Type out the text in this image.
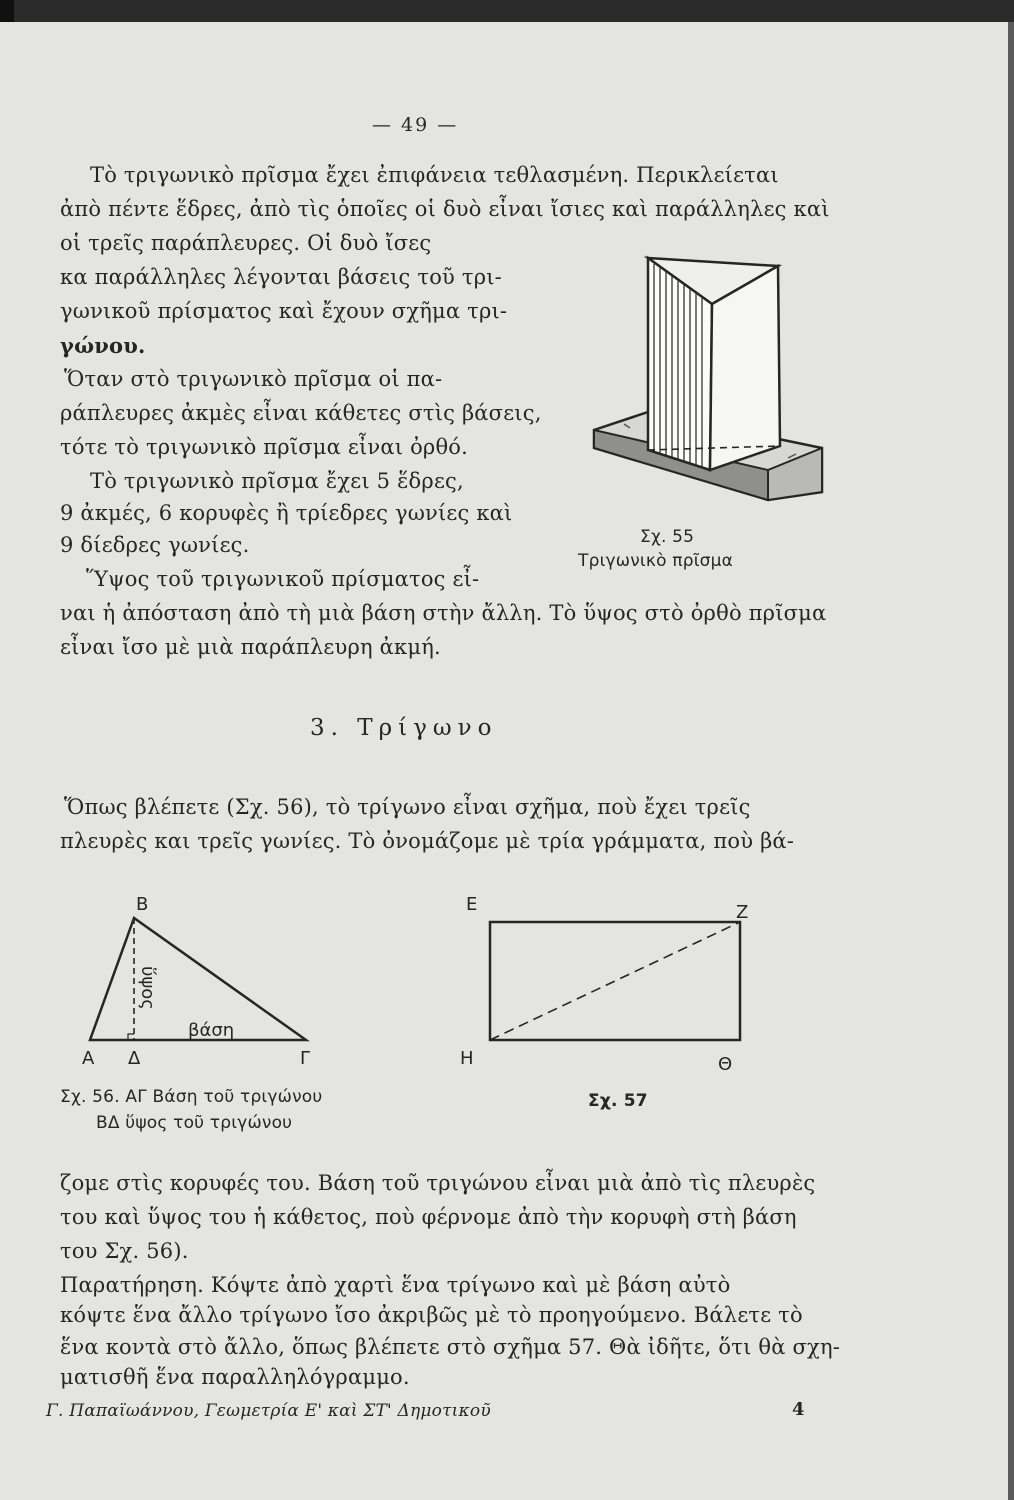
— 49 —
Τὸ τριγωνικὸ πρῖσμα ἔχει ἐπιφάνεια τεθλασμένη. Περικλείεται
ἀπὸ πέντε ἕδρες, ἀπὸ τὶς ὁποῖες οἱ δυὸ εἶναι ἴσιες καὶ παράλληλες καὶ
οἱ τρεῖς παράπλευρες. Οἱ δυὸ ἴσες
κα παράλληλες λέγονται βάσεις τοῦ τρι-
γωνικοῦ πρίσματος καὶ ἔχουν σχῆμα τρι-
γώνου.
Ὅταν στὸ τριγωνικὸ πρῖσμα οἱ πα-
ράπλευρες ἀκμὲς εἶναι κάθετες στὶς βάσεις,
τότε τὸ τριγωνικὸ πρῖσμα εἶναι ὀρθό.
Τὸ τριγωνικὸ πρῖσμα ἔχει 5 ἕδρες,
9 ἀκμές, 6 κορυφὲς ἢ τρίεδρες γωνίες καὶ
9 δίεδρες γωνίες.
Ὕψος τοῦ τριγωνικοῦ πρίσματος εἶ-
ναι ἡ ἀπόσταση ἀπὸ τὴ μιὰ βάση στὴν ἄλλη. Τὸ ὕψος στὸ ὀρθὸ πρῖσμα
εἶναι ἴσο μὲ μιὰ παράπλευρη ἀκμή.
Σχ. 55
Τριγωνικὸ πρῖσμα
3. Τρίγωνο
Ὅπως βλέπετε (Σχ. 56), τὸ τρίγωνο εἶναι σχῆμα, ποὺ ἔχει τρεῖς
πλευρὲς και τρεῖς γωνίες. Τὸ ὀνομάζομε μὲ τρία γράμματα, ποὺ βά-
Β
Α Δ	Γ
ὕψος
βάση
Σχ. 56. ΑΓ Βάση τοῦ τριγώνου
ΒΔ ὕψος τοῦ τριγώνου
Ε	Ζ
Η	Θ
Σχ. 57
ζομε στὶς κορυφές του. Βάση τοῦ τριγώνου εἶναι μιὰ ἀπὸ τὶς πλευρὲς
του καὶ ὕψος του ἡ κάθετος, ποὺ φέρνομε ἀπὸ τὴν κορυφὴ στὴ βάση
του Σχ. 56).
Παρατήρηση. Κόψτε ἀπὸ χαρτὶ ἕνα τρίγωνο καὶ μὲ βάση αὐτὸ
κόψτε ἕνα ἄλλο τρίγωνο ἴσο ἀκριβῶς μὲ τὸ προηγούμενο. Βάλετε τὸ
ἕνα κοντὰ στὸ ἄλλο, ὅπως βλέπετε στὸ σχῆμα 57. Θὰ ἰδῆτε, ὅτι θὰ σχη-
ματισθῆ ἕνα παραλληλόγραμμο.
Γ. Παπαϊωάννου, Γεωμετρία Ε' καὶ ΣΤ' Δημοτικοῦ	4
